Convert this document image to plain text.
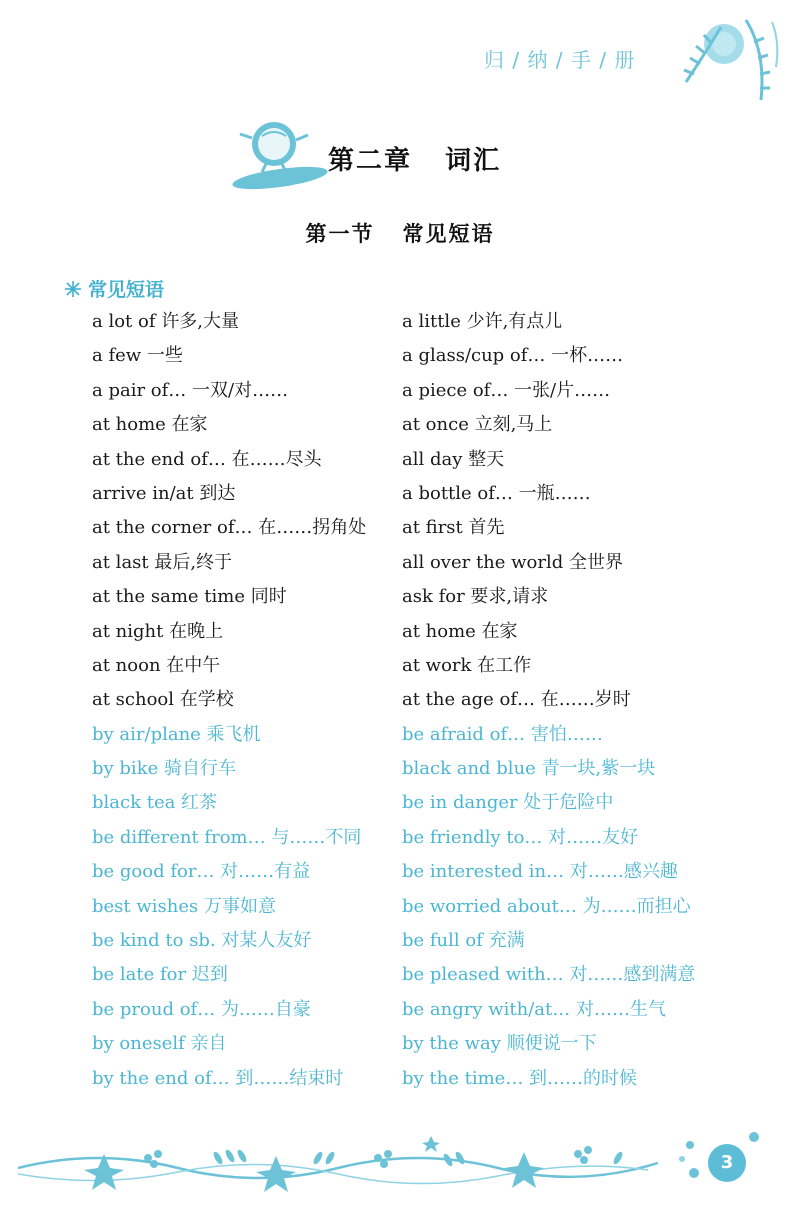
归 / 纳 / 手 / 册
第二章   词汇
第一节   常见短语
常见短语
a lot of 许多,大量	a little 少许,有点儿
a few 一些	a glass/cup of… 一杯……
a pair of… 一双/对……	a piece of… 一张/片……
at home 在家	at once 立刻,马上
at the end of… 在……尽头	all day 整天
arrive in/at 到达	a bottle of… 一瓶……
at the corner of… 在……拐角处	at first 首先
at last 最后,终于	all over the world 全世界
at the same time 同时	ask for 要求,请求
at night 在晚上	at home 在家
at noon 在中午	at work 在工作
at school 在学校	at the age of… 在……岁时
by air/plane 乘飞机	be afraid of… 害怕……
by bike 骑自行车	black and blue 青一块,紫一块
black tea 红茶	be in danger 处于危险中
be different from… 与……不同	be friendly to… 对……友好
be good for… 对……有益	be interested in… 对……感兴趣
best wishes 万事如意	be worried about… 为……而担心
be kind to sb. 对某人友好	be full of 充满
be late for 迟到	be pleased with… 对……感到满意
be proud of… 为……自豪	be angry with/at… 对……生气
by oneself 亲自	by the way 顺便说一下
by the end of… 到……结束时	by the time… 到……的时候
3
